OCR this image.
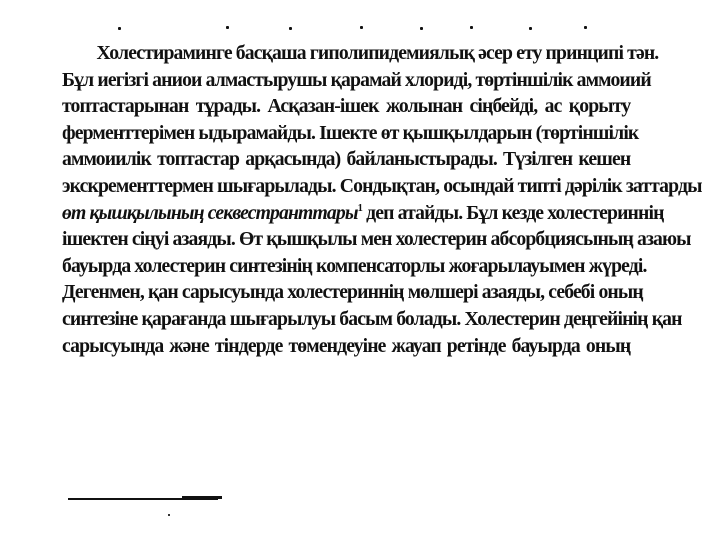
Холестираминге басқаша гиполипидемиялық әсер ету принципі тән.
Бұл иегізгі аниои алмастырушы қарамай хлориді, төртіншілік аммоиий
топтастарынан тұрады. Асқазан-ішек жолынан сіңбейді, ас қорыту
ферменттерімен ыдырамайды. Ішекте өт қышқылдарын (төртіншілік
аммоиилік топтастар арқасында) байланыстырады. Түзілген кешен
экскременттермен шығарылады. Сондықтан, осындай типті дәрілік заттарды
өт қышқылының секвестранттары$^1$ деп атайды. Бұл кезде холестериннің
ішектен сіңуі азаяды. Өт қышқылы мен холестерин абсорбциясының азаюы
бауырда холестерин синтезінің компенсаторлы жоғарылауымен жүреді.
Дегенмен, қан сарысуында холестериннің мөлшері азаяды, себебі оның
синтезіне қарағанда шығарылуы басым болады. Холестерин деңгейінің қан
сарысуында және тіндерде төмендеуіне жауап ретінде бауырда оның
